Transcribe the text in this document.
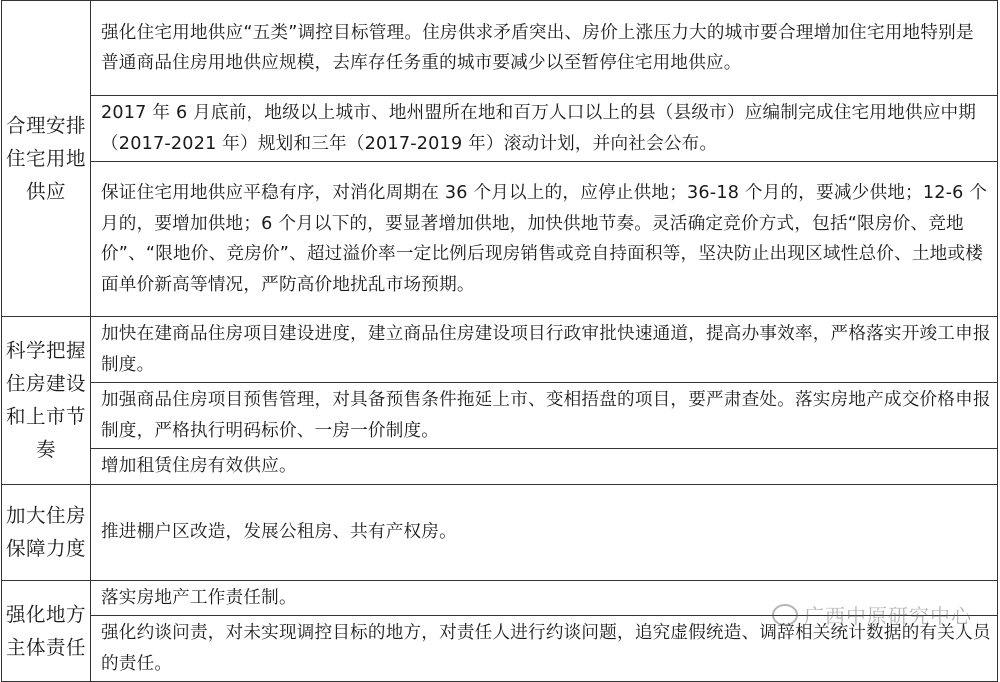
合理安排住宅用地供应	强化住宅用地供应“五类”调控目标管理。住房供求矛盾突出、房价上涨压力大的城市要合理增加住宅用地特别是普通商品住房用地供应规模，去库存任务重的城市要减少以至暂停住宅用地供应。
	2017 年 6 月底前，地级以上城市、地州盟所在地和百万人口以上的县（县级市）应编制完成住宅用地供应中期（2017-2021 年）规划和三年（2017-2019 年）滚动计划，并向社会公布。
	保证住宅用地供应平稳有序，对消化周期在 36 个月以上的，应停止供地；36-18 个月的，要减少供地；12-6 个月的，要增加供地；6 个月以下的，要显著增加供地，加快供地节奏。灵活确定竞价方式，包括“限房价、竞地价”、“限地价、竞房价”、超过溢价率一定比例后现房销售或竞自持面积等，坚决防止出现区域性总价、土地或楼面单价新高等情况，严防高价地扰乱市场预期。

科学把握住房建设和上市节奏	加快在建商品住房项目建设进度，建立商品住房建设项目行政审批快速通道，提高办事效率，严格落实开竣工申报制度。
	加强商品住房项目预售管理，对具备预售条件拖延上市、变相捂盘的项目，要严肃查处。落实房地产成交价格申报制度，严格执行明码标价、一房一价制度。
	增加租赁住房有效供应。

加大住房保障力度	推进棚户区改造，发展公租房、共有产权房。

强化地方主体责任	落实房地产工作责任制。
	强化约谈问责，对未实现调控目标的地方，对责任人进行约谈问题，追究虚假统造、调辞相关统计数据的有关人员的责任。
广西中原研究中心
